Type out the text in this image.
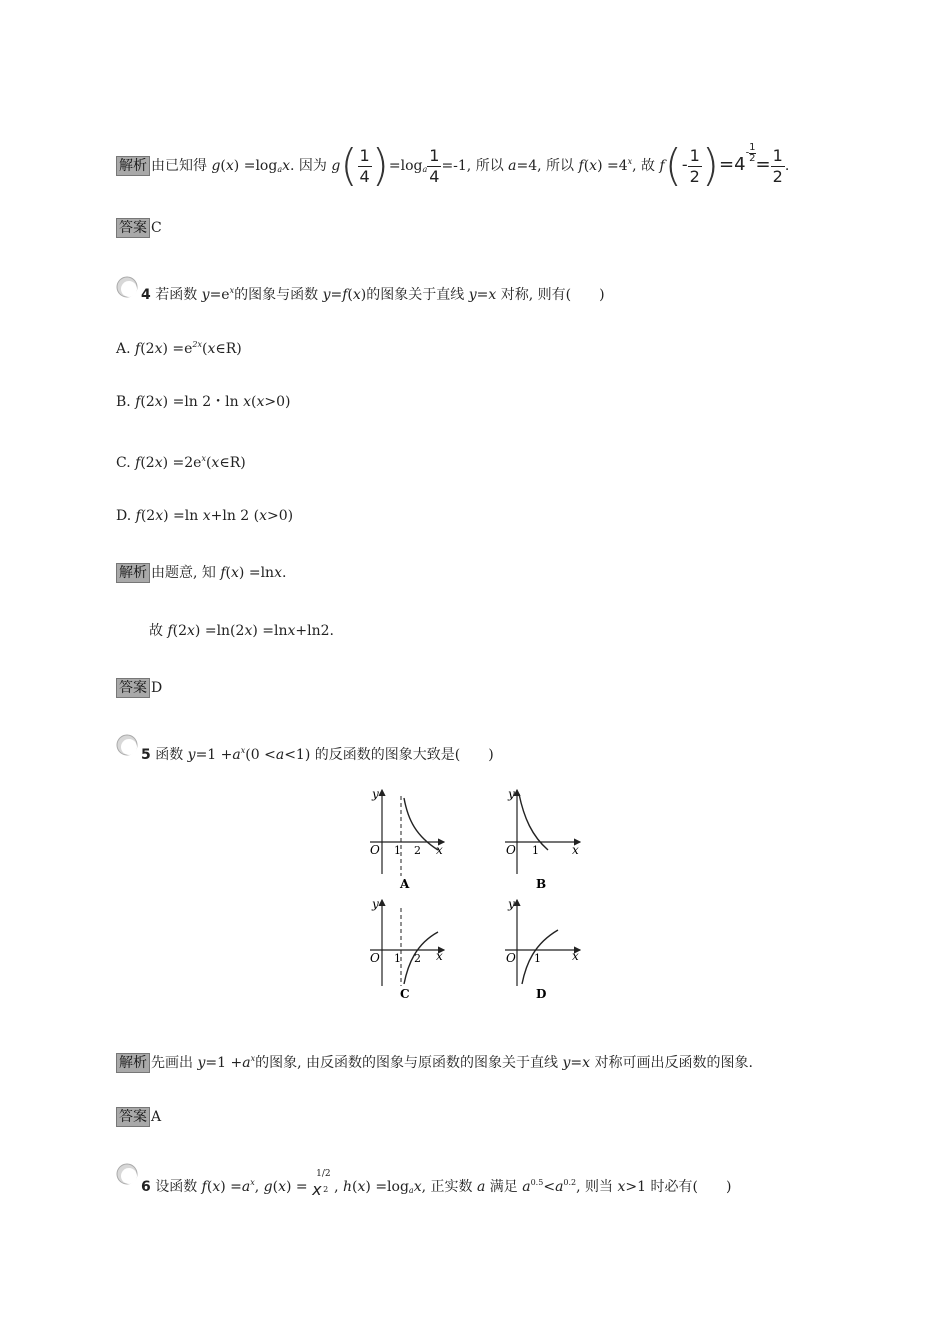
解析 由已知得 $g(x) =\log_ax$. 因为 $g( \frac{1}{4} )=\log_a \frac{1}{4} =-1$, 所以 a=4, 所以 $f(x) =4^x$, 故 $f(- \frac{1}{2} )=4- \frac{1}{2}$
= $\frac{1}{2}$ .
答案 C
4 若函数 $y=e^x$的图象与函数 y=f(x)的图象关于直线 y=x 对称, 则有(　　)
A. $f(2x) =e^{2x}(x\in R)$
B. f(2x) =ln 2・ln x(x>0)
C. $f(2x) =2e^x(x\in R)$
D. f(2x) =ln x+ln 2 (x>0)
解析 由题意, 知 f(x) =lnx.
故 f(2x) =ln(2x) =lnx+ln2.
答案 D
5 函数 $y=1 +a^x(0 <a<1)$ 的反函数的图象大致是(　　)
y
x
O 1 2
A
y
x
O 1
B
y
x
O 1 2
C
y
x
O 1
D
解析 先画出 $y=1 +a^x$的图象, 由反函数的图象与原函数的图象关于直线 y=x 对称可画出反函数的图象.
答案 A
6 设函数 $f(x) =a^x$, g(x) =
1/2
x 2 , $h(x) =\log_ax$, 正实数 a 满足 $a^{0.5}<a^{0.2}$, 则当 x>1 时必有(　　)
